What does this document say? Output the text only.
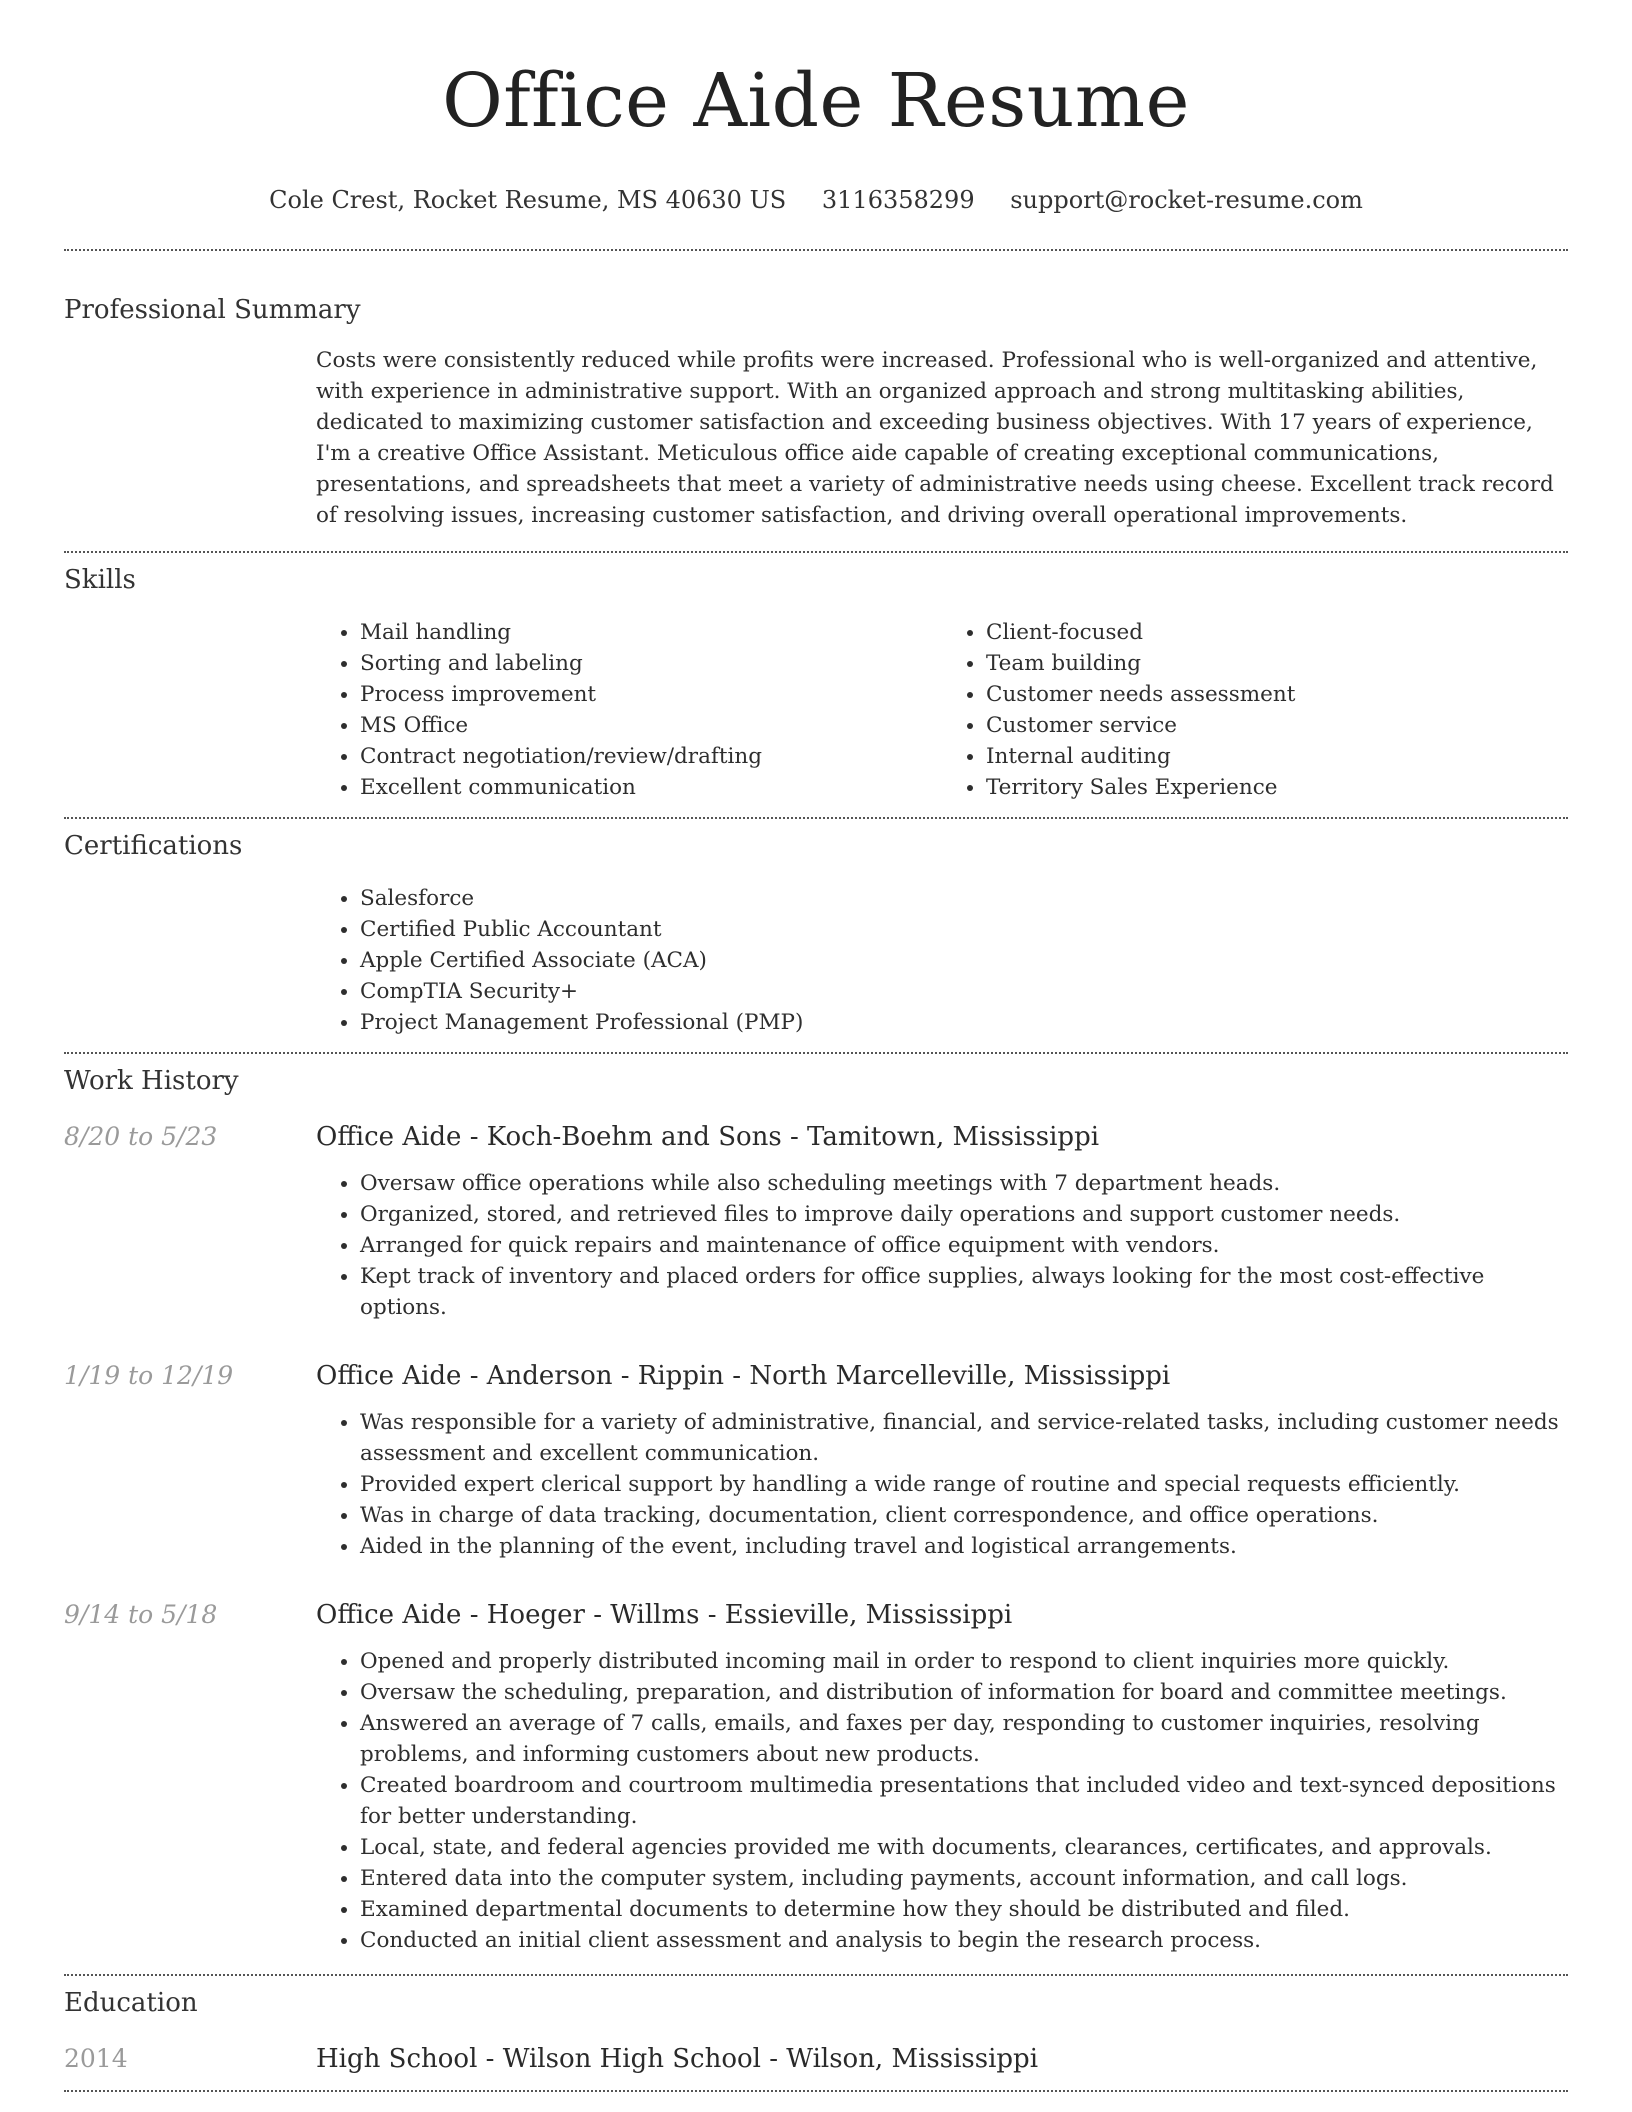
Office Aide Resume
Cole Crest, Rocket Resume, MS 40630 US 3116358299 support@rocket-resume.com
Professional Summary
Costs were consistently reduced while profits were increased. Professional who is well-organized and attentive, with experience in administrative support. With an organized approach and strong multitasking abilities, dedicated to maximizing customer satisfaction and exceeding business objectives. With 17 years of experience, I'm a creative Office Assistant. Meticulous office aide capable of creating exceptional communications, presentations, and spreadsheets that meet a variety of administrative needs using cheese. Excellent track record of resolving issues, increasing customer satisfaction, and driving overall operational improvements.
Skills
• Mail handling
• Sorting and labeling
• Process improvement
• MS Office
• Contract negotiation/review/drafting
• Excellent communication
• Client-focused
• Team building
• Customer needs assessment
• Customer service
• Internal auditing
• Territory Sales Experience
Certifications
• Salesforce
• Certified Public Accountant
• Apple Certified Associate (ACA)
• CompTIA Security+
• Project Management Professional (PMP)
Work History
8/20 to 5/23	Office Aide - Koch-Boehm and Sons - Tamitown, Mississippi
• Oversaw office operations while also scheduling meetings with 7 department heads.
• Organized, stored, and retrieved files to improve daily operations and support customer needs.
• Arranged for quick repairs and maintenance of office equipment with vendors.
• Kept track of inventory and placed orders for office supplies, always looking for the most cost-effective options.
1/19 to 12/19	Office Aide - Anderson - Rippin - North Marcelleville, Mississippi
• Was responsible for a variety of administrative, financial, and service-related tasks, including customer needs assessment and excellent communication.
• Provided expert clerical support by handling a wide range of routine and special requests efficiently.
• Was in charge of data tracking, documentation, client correspondence, and office operations.
• Aided in the planning of the event, including travel and logistical arrangements.
9/14 to 5/18	Office Aide - Hoeger - Willms - Essieville, Mississippi
• Opened and properly distributed incoming mail in order to respond to client inquiries more quickly.
• Oversaw the scheduling, preparation, and distribution of information for board and committee meetings.
• Answered an average of 7 calls, emails, and faxes per day, responding to customer inquiries, resolving problems, and informing customers about new products.
• Created boardroom and courtroom multimedia presentations that included video and text-synced depositions for better understanding.
• Local, state, and federal agencies provided me with documents, clearances, certificates, and approvals.
• Entered data into the computer system, including payments, account information, and call logs.
• Examined departmental documents to determine how they should be distributed and filed.
• Conducted an initial client assessment and analysis to begin the research process.
Education
2014	High School - Wilson High School - Wilson, Mississippi
